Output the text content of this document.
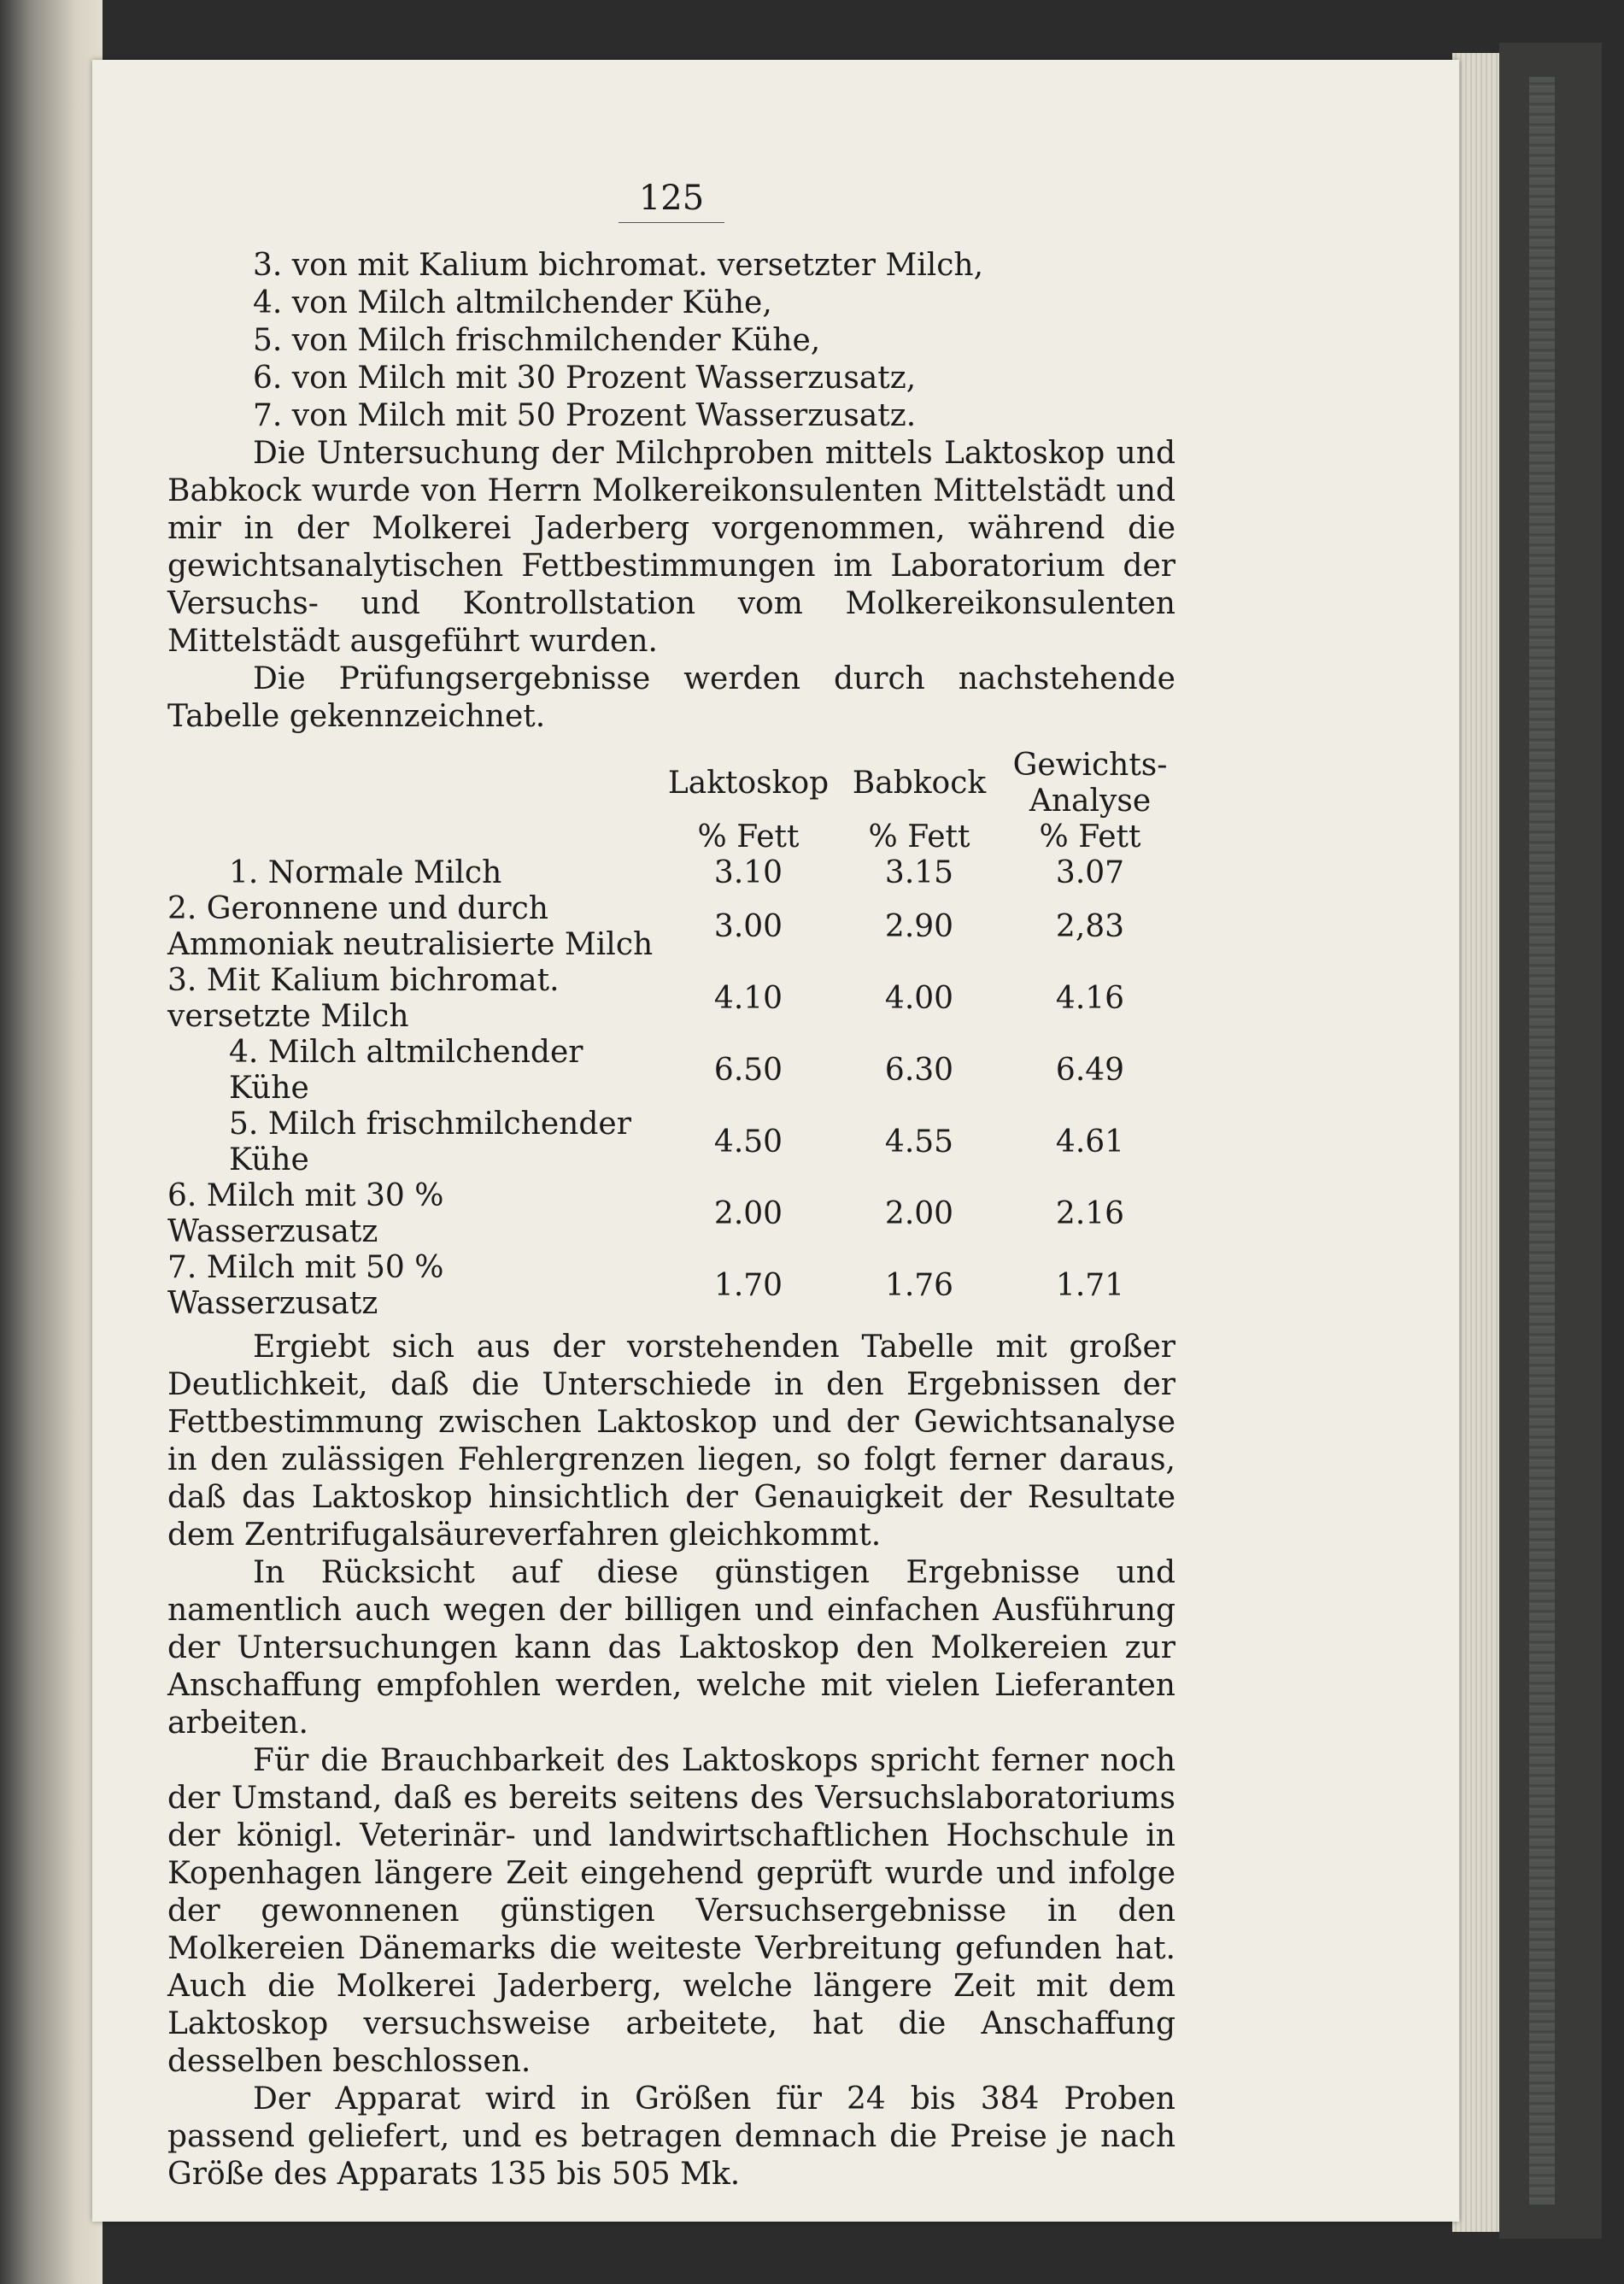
125
3. von mit Kalium bichromat. versetzter Milch,
4. von Milch altmilchender Kühe,
5. von Milch frischmilchender Kühe,
6. von Milch mit 30 Prozent Wasserzusatz,
7. von Milch mit 50 Prozent Wasserzusatz.

Die Untersuchung der Milchproben mittels Laktoskop und Babkock wurde von Herrn Molkereikonsulenten Mittelstädt und mir in der Molkerei Jaderberg vorgenommen, während die gewichtsanalytischen Fettbestimmungen im Laboratorium der Versuchs- und Kontrollstation vom Molkereikonsulenten Mittelstädt ausgeführt wurden.

Die Prüfungsergebnisse werden durch nachstehende Tabelle gekennzeichnet.

	Laktoskop	Babkock	Gewichts-Analyse
	% Fett	% Fett	% Fett
1. Normale Milch	3.10	3.15	3.07
2. Geronnene und durch Ammoniak neutralisierte Milch	3.00	2.90	2,83
3. Mit Kalium bichromat. versetzte Milch	4.10	4.00	4.16
4. Milch altmilchender Kühe	6.50	6.30	6.49
5. Milch frischmilchender Kühe	4.50	4.55	4.61
6. Milch mit 30 % Wasserzusatz	2.00	2.00	2.16
7. Milch mit 50 % Wasserzusatz	1.70	1.76	1.71

Ergiebt sich aus der vorstehenden Tabelle mit großer Deutlichkeit, daß die Unterschiede in den Ergebnissen der Fettbestimmung zwischen Laktoskop und der Gewichtsanalyse in den zulässigen Fehlergrenzen liegen, so folgt ferner daraus, daß das Laktoskop hinsichtlich der Genauigkeit der Resultate dem Zentrifugalsäureverfahren gleichkommt.

In Rücksicht auf diese günstigen Ergebnisse und namentlich auch wegen der billigen und einfachen Ausführung der Untersuchungen kann das Laktoskop den Molkereien zur Anschaffung empfohlen werden, welche mit vielen Lieferanten arbeiten.

Für die Brauchbarkeit des Laktoskops spricht ferner noch der Umstand, daß es bereits seitens des Versuchslaboratoriums der königl. Veterinär- und landwirtschaftlichen Hochschule in Kopenhagen längere Zeit eingehend geprüft wurde und infolge der gewonnenen günstigen Versuchsergebnisse in den Molkereien Dänemarks die weiteste Verbreitung gefunden hat. Auch die Molkerei Jaderberg, welche längere Zeit mit dem Laktoskop versuchsweise arbeitete, hat die Anschaffung desselben beschlossen.

Der Apparat wird in Größen für 24 bis 384 Proben passend geliefert, und es betragen demnach die Preise je nach Größe des Apparats 135 bis 505 Mk.
